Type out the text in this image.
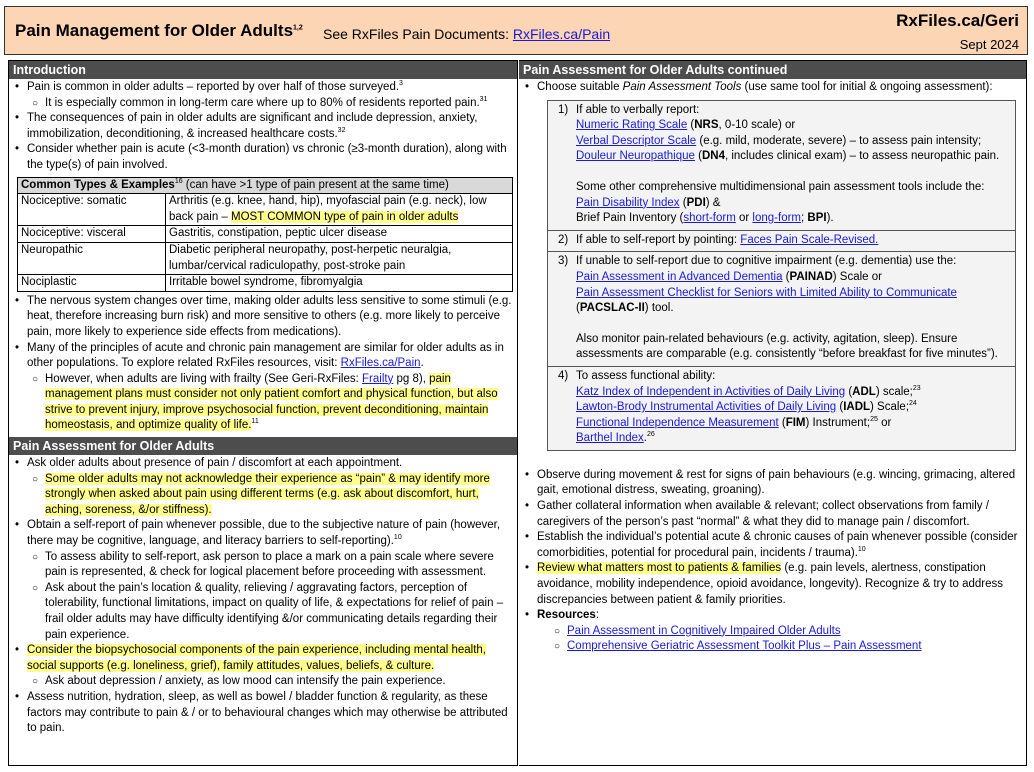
Pain Management for Older Adults$^{1,2}$ See RxFiles Pain Documents: RxFiles.ca/Pain
RxFiles.ca/Geri
Sept 2024
Introduction
• Pain is common in older adults – reported by over half of those surveyed.$^3$
○ It is especially common in long-term care where up to 80% of residents reported pain.$^{31}$
• The consequences of pain in older adults are significant and include depression, anxiety, immobilization, deconditioning, & increased healthcare costs.$^{32}$
• Consider whether pain is acute (<3-month duration) vs chronic (≥3-month duration), along with the type(s) of pain involved.
Common Types & Examples$^{16}$ (can have >1 type of pain present at the same time)	
Nociceptive: somatic	Arthritis (e.g. knee, hand, hip), myofascial pain (e.g. neck), low back pain – MOST COMMON type of pain in older adults
Nociceptive: visceral	Gastritis, constipation, peptic ulcer disease
Neuropathic	Diabetic peripheral neuropathy, post-herpetic neuralgia, lumbar/cervical radiculopathy, post-stroke pain
Nociplastic	Irritable bowel syndrome, fibromyalgia
• The nervous system changes over time, making older adults less sensitive to some stimuli (e.g. heat, therefore increasing burn risk) and more sensitive to others (e.g. more likely to perceive pain, more likely to experience side effects from medications).
• Many of the principles of acute and chronic pain management are similar for older adults as in other populations. To explore related RxFiles resources, visit: RxFiles.ca/Pain.
○ However, when adults are living with frailty (See Geri-RxFiles: Frailty pg 8), pain management plans must consider not only patient comfort and physical function, but also strive to prevent injury, improve psychosocial function, prevent deconditioning, maintain homeostasis, and optimize quality of life.$^{11}$
Pain Assessment for Older Adults
• Ask older adults about presence of pain / discomfort at each appointment.
○ Some older adults may not acknowledge their experience as “pain” & may identify more strongly when asked about pain using different terms (e.g. ask about discomfort, hurt, aching, soreness, &/or stiffness).
• Obtain a self-report of pain whenever possible, due to the subjective nature of pain (however, there may be cognitive, language, and literacy barriers to self-reporting).$^{10}$
○ To assess ability to self-report, ask person to place a mark on a pain scale where severe pain is represented, & check for logical placement before proceeding with assessment.
○ Ask about the pain’s location & quality, relieving / aggravating factors, perception of tolerability, functional limitations, impact on quality of life, & expectations for relief of pain – frail older adults may have difficulty identifying &/or communicating details regarding their pain experience.
• Consider the biopsychosocial components of the pain experience, including mental health, social supports (e.g. loneliness, grief), family attitudes, values, beliefs, & culture.
○ Ask about depression / anxiety, as low mood can intensify the pain experience.
• Assess nutrition, hydration, sleep, as well as bowel / bladder function & regularity, as these factors may contribute to pain & / or to behavioural changes which may otherwise be attributed to pain.
Pain Assessment for Older Adults continued
• Choose suitable Pain Assessment Tools (use same tool for initial & ongoing assessment):
1) If able to verbally report:
Numeric Rating Scale (NRS, 0-10 scale) or
Verbal Descriptor Scale (e.g. mild, moderate, severe) – to assess pain intensity;
Douleur Neuropathique (DN4, includes clinical exam) – to assess neuropathic pain.
Some other comprehensive multidimensional pain assessment tools include the:
Pain Disability Index (PDI) &
Brief Pain Inventory (short-form or long-form; BPI).
2) If able to self-report by pointing: Faces Pain Scale-Revised.
3) If unable to self-report due to cognitive impairment (e.g. dementia) use the:
Pain Assessment in Advanced Dementia (PAINAD) Scale or
Pain Assessment Checklist for Seniors with Limited Ability to Communicate
(PACSLAC-II) tool.
Also monitor pain-related behaviours (e.g. activity, agitation, sleep). Ensure assessments are comparable (e.g. consistently “before breakfast for five minutes”).
4) To assess functional ability:
Katz Index of Independent in Activities of Daily Living (ADL) scale;$^{23}$
Lawton-Brody Instrumental Activities of Daily Living (IADL) Scale;$^{24}$
Functional Independence Measurement (FIM) Instrument;$^{25}$ or
Barthel Index.$^{26}$
• Observe during movement & rest for signs of pain behaviours (e.g. wincing, grimacing, altered gait, emotional distress, sweating, groaning).
• Gather collateral information when available & relevant; collect observations from family / caregivers of the person’s past “normal” & what they did to manage pain / discomfort.
• Establish the individual’s potential acute & chronic causes of pain whenever possible (consider comorbidities, potential for procedural pain, incidents / trauma).$^{10}$
• Review what matters most to patients & families (e.g. pain levels, alertness, constipation avoidance, mobility independence, opioid avoidance, longevity). Recognize & try to address discrepancies between patient & family priorities.
• Resources:
○ Pain Assessment in Cognitively Impaired Older Adults
○ Comprehensive Geriatric Assessment Toolkit Plus – Pain Assessment
